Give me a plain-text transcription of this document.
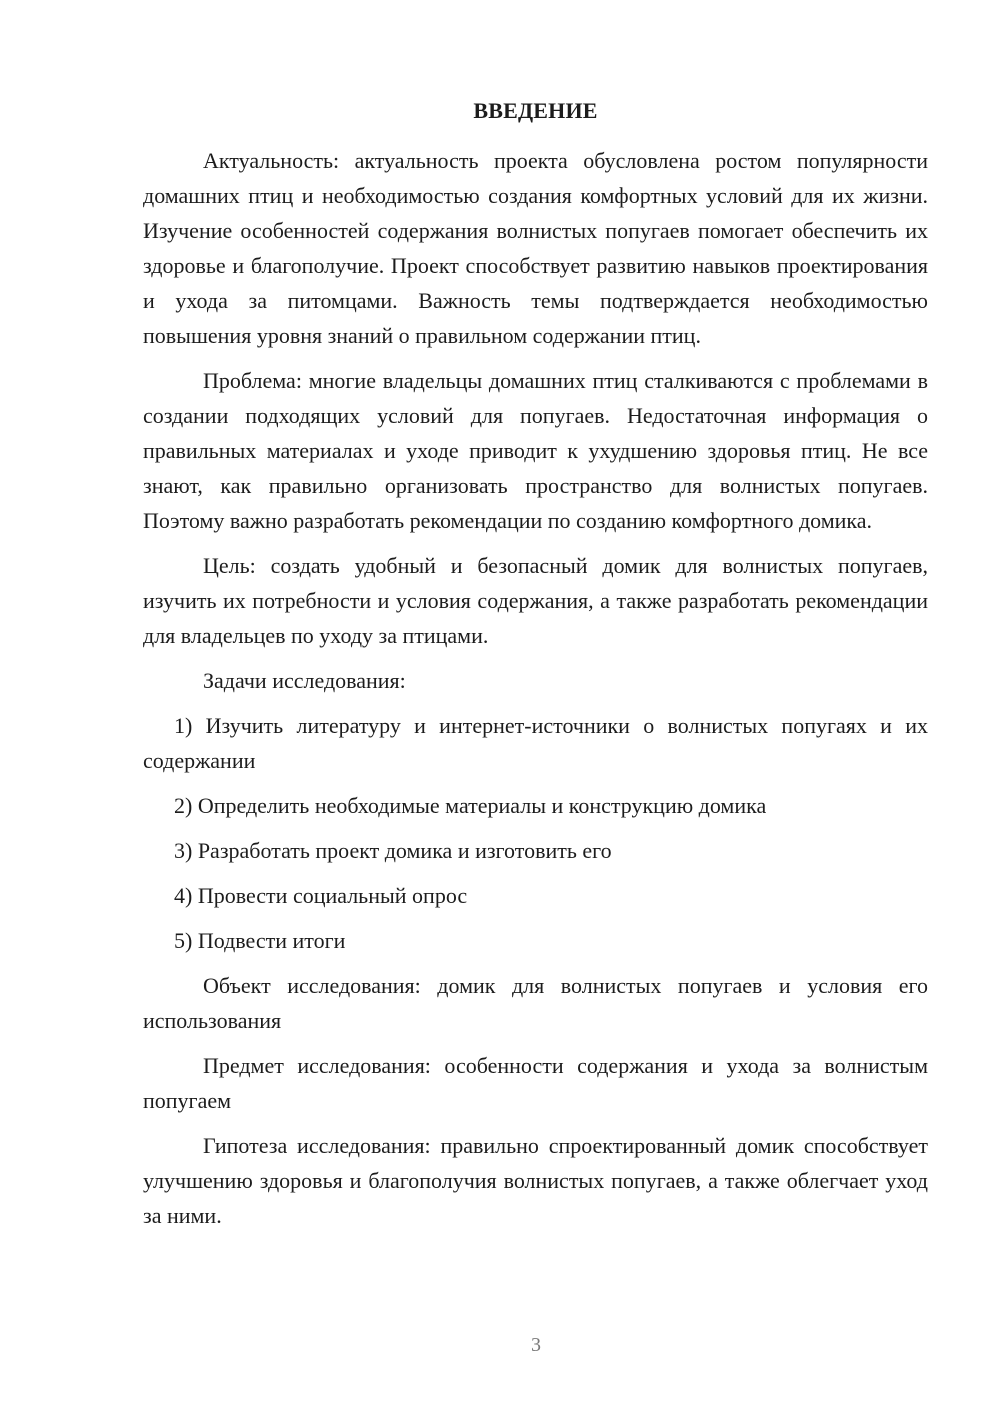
ВВЕДЕНИЕ

Актуальность: актуальность проекта обусловлена ростом популярности домашних птиц и необходимостью создания комфортных условий для их жизни. Изучение особенностей содержания волнистых попугаев помогает обеспечить их здоровье и благополучие. Проект способствует развитию навыков проектирования и ухода за питомцами. Важность темы подтверждается необходимостью повышения уровня знаний о правильном содержании птиц.

Проблема: многие владельцы домашних птиц сталкиваются с проблемами в создании подходящих условий для попугаев. Недостаточная информация о правильных материалах и уходе приводит к ухудшению здоровья птиц. Не все знают, как правильно организовать пространство для волнистых попугаев. Поэтому важно разработать рекомендации по созданию комфортного домика.

Цель: создать удобный и безопасный домик для волнистых попугаев, изучить их потребности и условия содержания, а также разработать рекомендации для владельцев по уходу за птицами.

Задачи исследования:

1) Изучить литературу и интернет-источники о волнистых попугаях и их содержании

2) Определить необходимые материалы и конструкцию домика

3) Разработать проект домика и изготовить его

4) Провести социальный опрос

5) Подвести итоги

Объект исследования: домик для волнистых попугаев и условия его использования

Предмет исследования: особенности содержания и ухода за волнистым попугаем

Гипотеза исследования: правильно спроектированный домик способствует улучшению здоровья и благополучия волнистых попугаев, а также облегчает уход за ними.

3
